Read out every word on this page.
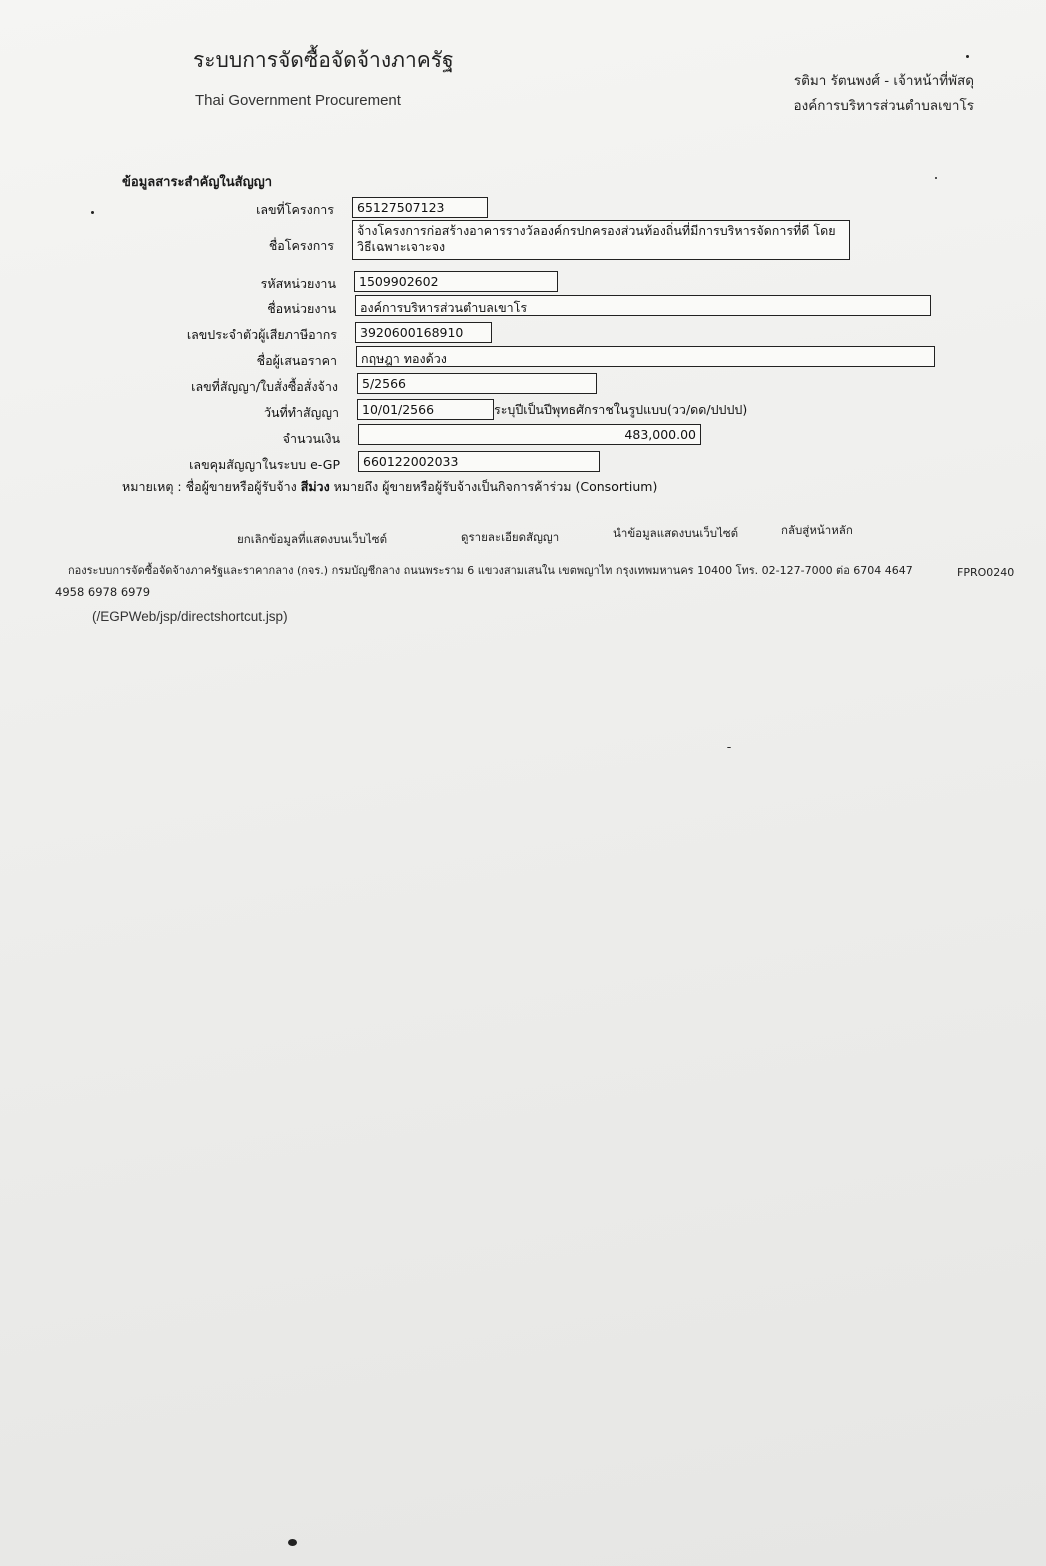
ระบบการจัดซื้อจัดจ้างภาครัฐ
Thai Government Procurement
รติมา รัตนพงศ์ - เจ้าหน้าที่พัสดุ
องค์การบริหารส่วนตำบลเขาโร
ข้อมูลสาระสำคัญในสัญญา
เลขที่โครงการ	65127507123
ชื่อโครงการ
จ้างโครงการก่อสร้างอาคารรางวัลองค์กรปกครองส่วนท้องถิ่นที่มีการบริหารจัดการที่ดี โดยวิธีเฉพาะเจาะจง
รหัสหน่วยงาน	1509902602
ชื่อหน่วยงาน	องค์การบริหารส่วนตำบลเขาโร
เลขประจำตัวผู้เสียภาษีอากร	3920600168910
ชื่อผู้เสนอราคา	กฤษฎา ทองด้วง
เลขที่สัญญา/ใบสั่งซื้อสั่งจ้าง	5/2566
วันที่ทำสัญญา	10/01/2566	ระบุปีเป็นปีพุทธศักราชในรูปแบบ(วว/ดด/ปปปป)
จำนวนเงิน	483,000.00
เลขคุมสัญญาในระบบ e-GP	660122002033
หมายเหตุ : ชื่อผู้ขายหรือผู้รับจ้าง สีม่วง หมายถึง ผู้ขายหรือผู้รับจ้างเป็นกิจการค้าร่วม (Consortium)
ยกเลิกข้อมูลที่แสดงบนเว็บไซต์	ดูรายละเอียดสัญญา	นำข้อมูลแสดงบนเว็บไซต์	กลับสู่หน้าหลัก
กองระบบการจัดซื้อจัดจ้างภาครัฐและราคากลาง (กจร.) กรมบัญชีกลาง ถนนพระราม 6 แขวงสามเสนใน เขตพญาไท กรุงเทพมหานคร 10400 โทร. 02-127-7000 ต่อ 6704 4647	FPRO0240
4958 6978 6979
(/EGPWeb/jsp/directshortcut.jsp)
